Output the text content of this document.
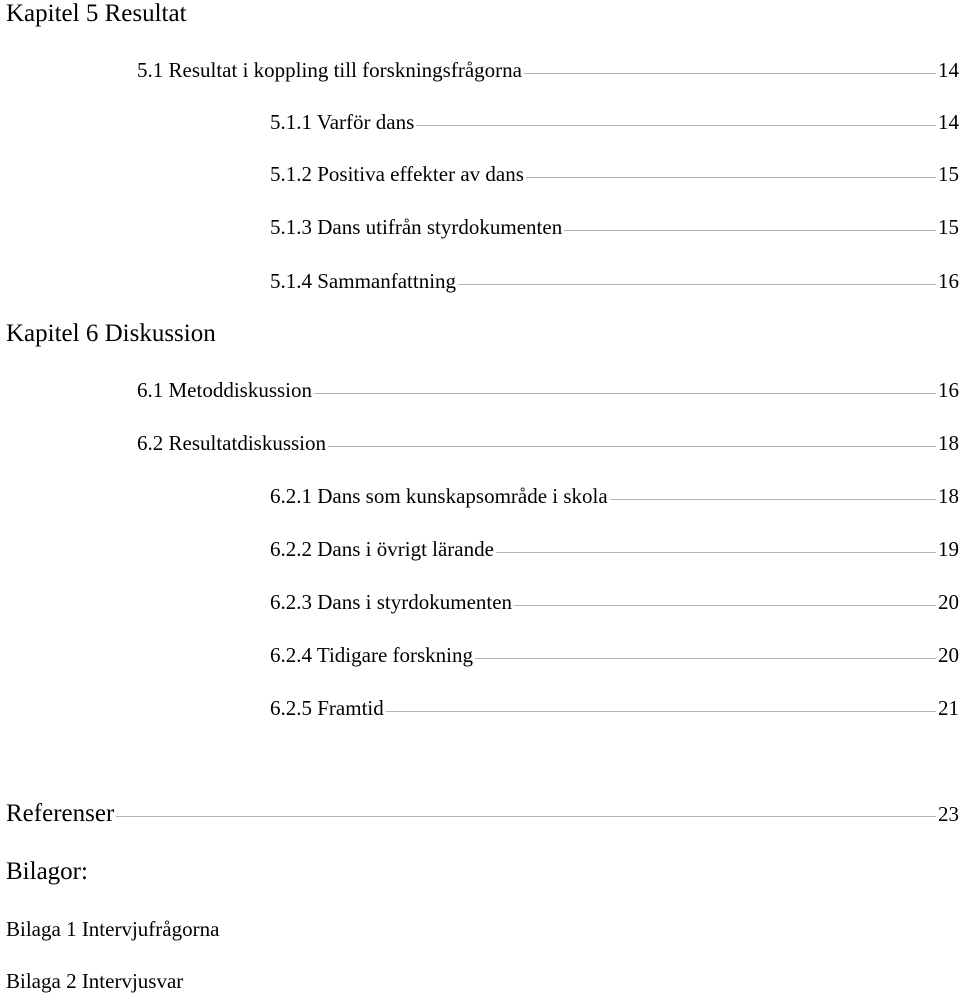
Kapitel 5 Resultat
5.1 Resultat i koppling till forskningsfrågorna	14
5.1.1 Varför dans	14
5.1.2 Positiva effekter av dans	15
5.1.3 Dans utifrån styrdokumenten	15
5.1.4 Sammanfattning	16
Kapitel 6 Diskussion
6.1 Metoddiskussion	16
6.2 Resultatdiskussion	18
6.2.1 Dans som kunskapsområde i skola	18
6.2.2 Dans i övrigt lärande	19
6.2.3 Dans i styrdokumenten	20
6.2.4 Tidigare forskning	20
6.2.5 Framtid	21
Referenser	23
Bilagor:
Bilaga 1 Intervjufrågorna
Bilaga 2 Intervjusvar
